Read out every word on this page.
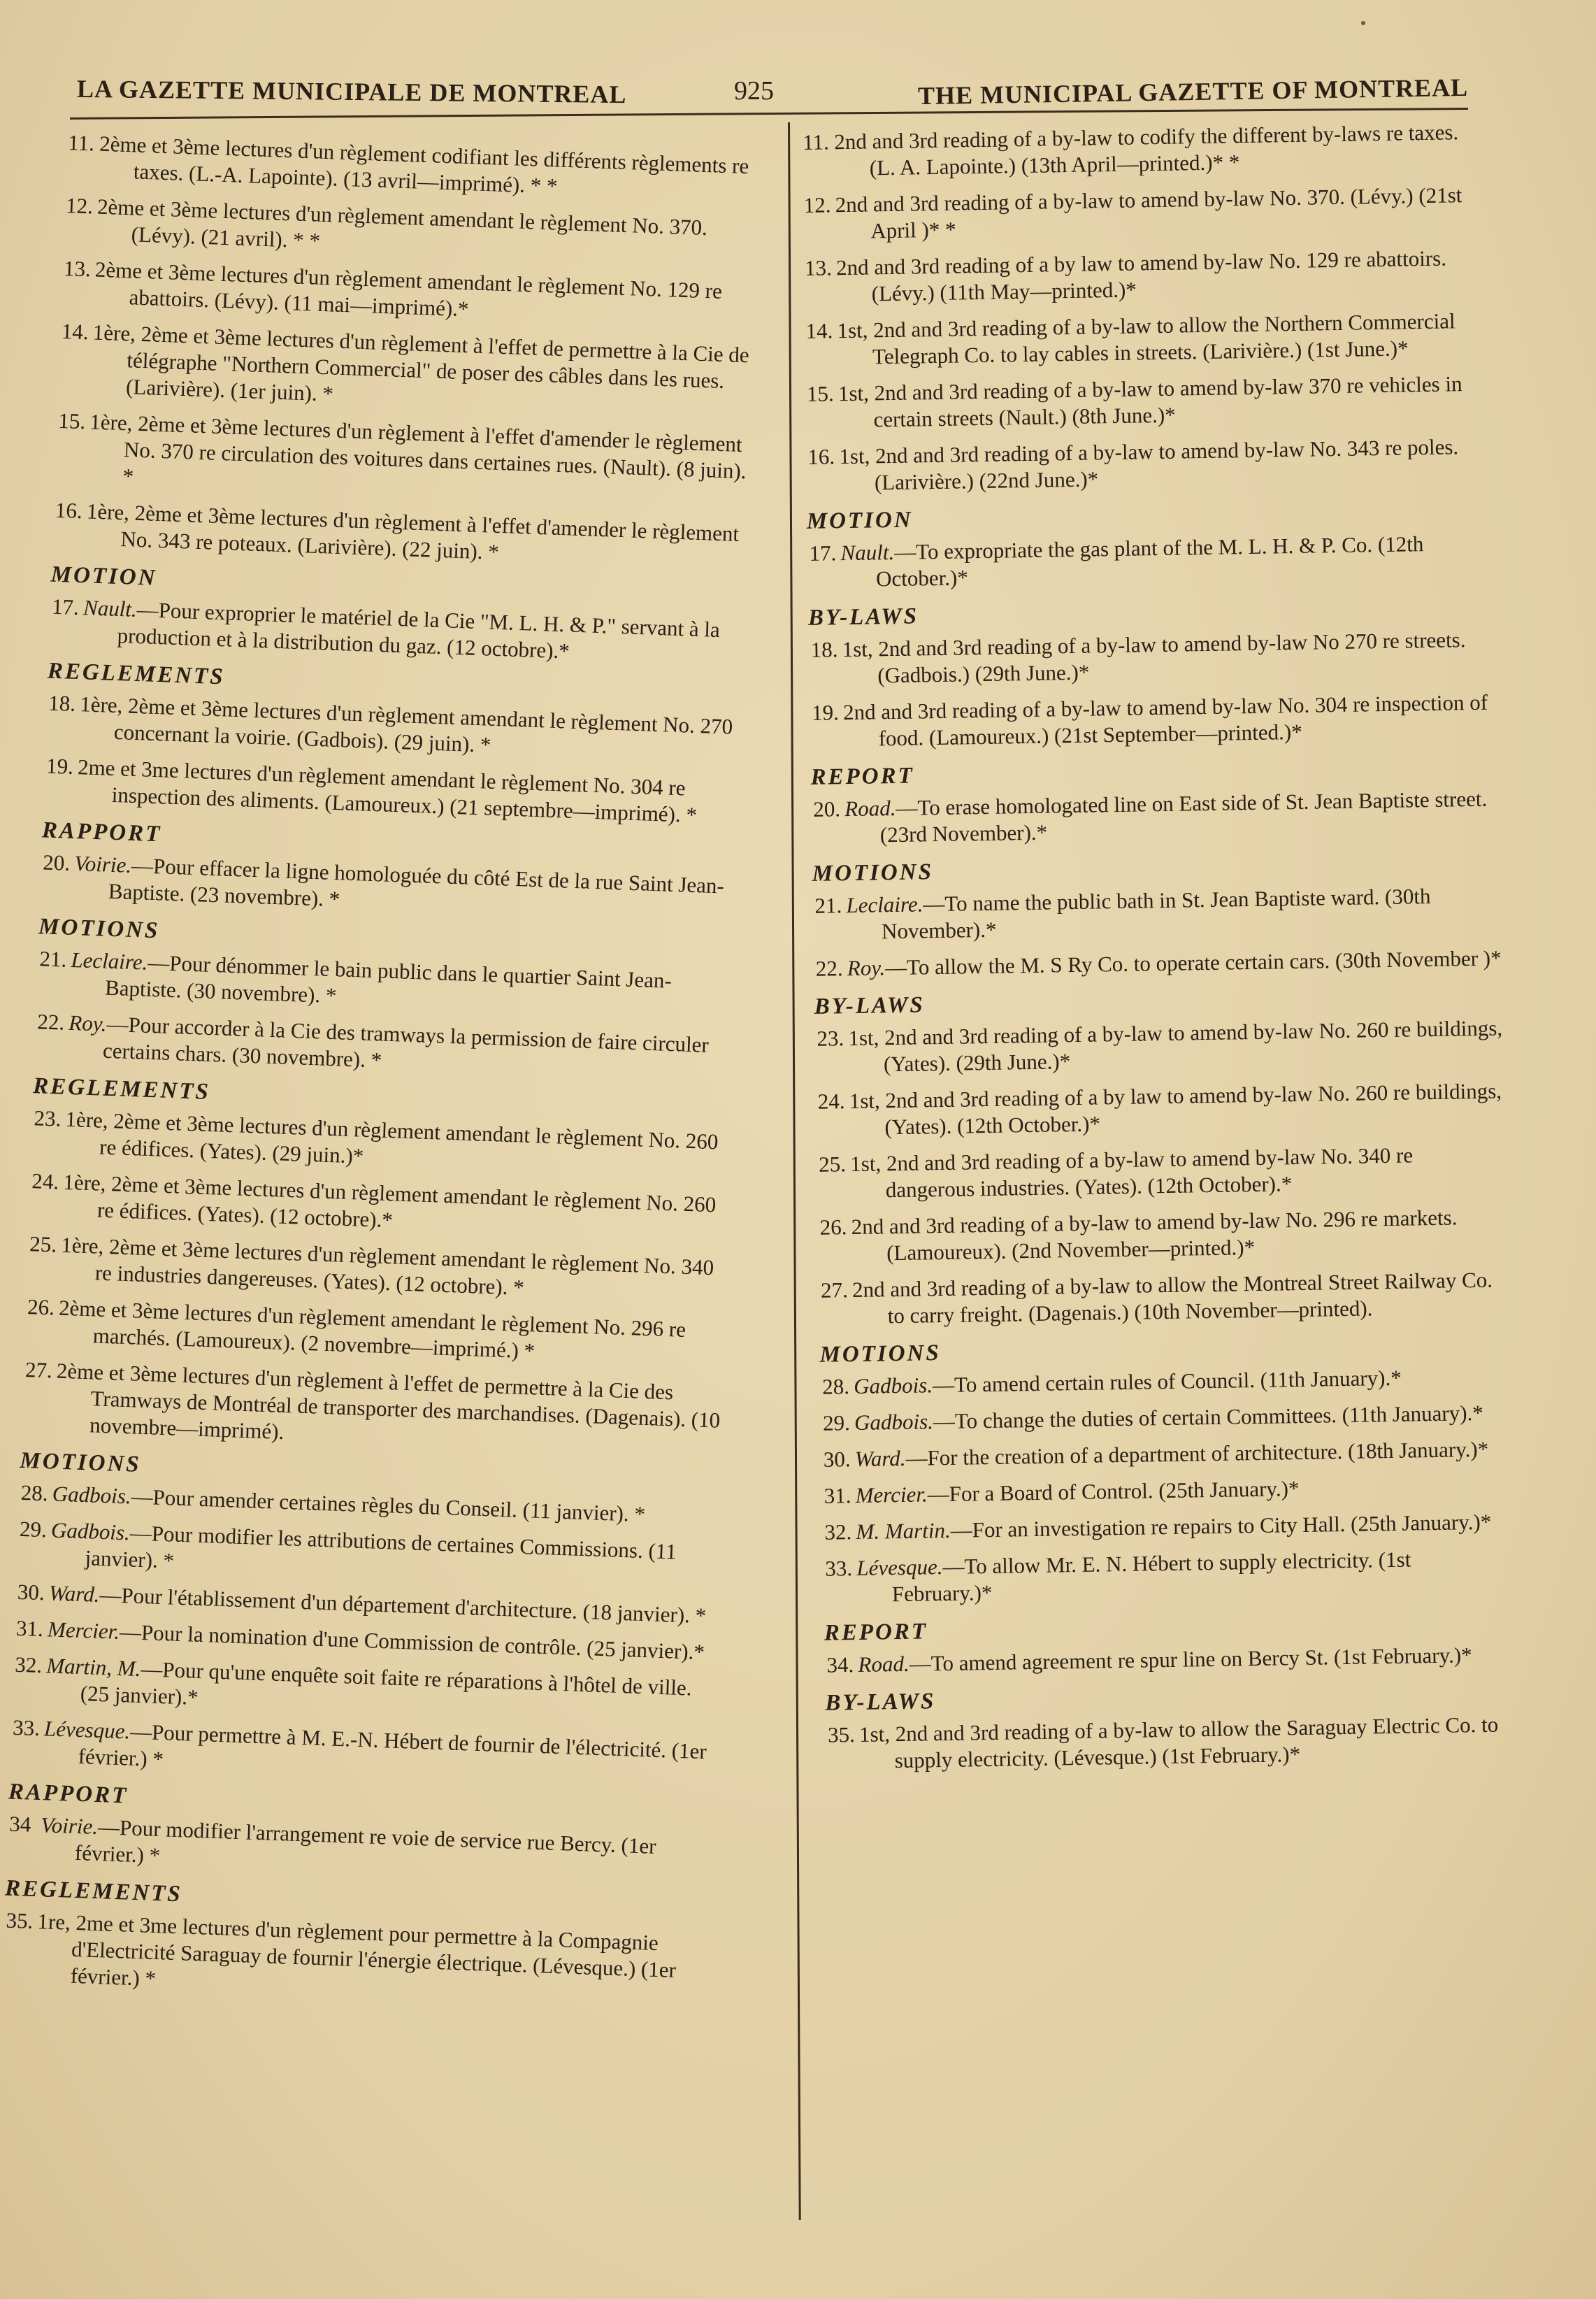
LA GAZETTE MUNICIPALE DE MONTREAL	925	THE MUNICIPAL GAZETTE OF MONTREAL
11. 2ème et 3ème lectures d'un règlement codifiant les différents règlements re taxes. (L.-A. Lapointe). (13 avril—imprimé). * *
12. 2ème et 3ème lectures d'un règlement amendant le règlement No. 370. (Lévy). (21 avril). * *
13. 2ème et 3ème lectures d'un règlement amendant le règlement No. 129 re abattoirs. (Lévy). (11 mai—imprimé).*
14. 1ère, 2ème et 3ème lectures d'un règlement à l'effet de permettre à la Cie de télégraphe "Northern Commercial" de poser des câbles dans les rues. (Larivière). (1er juin). *
15. 1ère, 2ème et 3ème lectures d'un règlement à l'effet d'amender le règlement No. 370 re circulation des voitures dans certaines rues. (Nault). (8 juin). *
16. 1ère, 2ème et 3ème lectures d'un règlement à l'effet d'amender le règlement No. 343 re poteaux. (Larivière). (22 juin). *
MOTION
17. Nault.—Pour exproprier le matériel de la Cie "M. L. H. & P." servant à la production et à la distribution du gaz. (12 octobre).*
REGLEMENTS
18. 1ère, 2ème et 3ème lectures d'un règlement amendant le règlement No. 270 concernant la voirie. (Gadbois). (29 juin). *
19. 2me et 3me lectures d'un règlement amendant le règlement No. 304 re inspection des aliments. (Lamoureux.) (21 septembre—imprimé). *
RAPPORT
20. Voirie.—Pour effacer la ligne homologuée du côté Est de la rue Saint Jean-Baptiste. (23 novembre). *
MOTIONS
21. Leclaire.—Pour dénommer le bain public dans le quartier Saint Jean-Baptiste. (30 novembre). *
22. Roy.—Pour accorder à la Cie des tramways la permission de faire circuler certains chars. (30 novembre). *
REGLEMENTS
23. 1ère, 2ème et 3ème lectures d'un règlement amendant le règlement No. 260 re édifices. (Yates). (29 juin.)*
24. 1ère, 2ème et 3ème lectures d'un règlement amendant le règlement No. 260 re édifices. (Yates). (12 octobre).*
25. 1ère, 2ème et 3ème lectures d'un règlement amendant le règlement No. 340 re industries dangereuses. (Yates). (12 octobre). *
26. 2ème et 3ème lectures d'un règlement amendant le règlement No. 296 re marchés. (Lamoureux). (2 novembre—imprimé.) *
27. 2ème et 3ème lectures d'un règlement à l'effet de permettre à la Cie des Tramways de Montréal de transporter des marchandises. (Dagenais). (10 novembre—imprimé).
MOTIONS
28. Gadbois.—Pour amender certaines règles du Conseil. (11 janvier). *
29. Gadbois.—Pour modifier les attributions de certaines Commissions. (11 janvier). *
30. Ward.—Pour l'établissement d'un département d'architecture. (18 janvier). *
31. Mercier.—Pour la nomination d'une Commission de contrôle. (25 janvier).*
32. Martin, M.—Pour qu'une enquête soit faite re réparations à l'hôtel de ville. (25 janvier).*
33. Lévesque.—Pour permettre à M. E.-N. Hébert de fournir de l'électricité. (1er février.) *
RAPPORT
34 Voirie.—Pour modifier l'arrangement re voie de service rue Bercy. (1er février.) *
REGLEMENTS
35. 1re, 2me et 3me lectures d'un règlement pour permettre à la Compagnie d'Electricité Saraguay de fournir l'énergie électrique. (Lévesque.) (1er février.) *
11. 2nd and 3rd reading of a by-law to codify the different by-laws re taxes. (L. A. Lapointe.) (13th April—printed.)* *
12. 2nd and 3rd reading of a by-law to amend by-law No. 370. (Lévy.) (21st April )* *
13. 2nd and 3rd reading of a by law to amend by-law No. 129 re abattoirs. (Lévy.) (11th May—printed.)*
14. 1st, 2nd and 3rd reading of a by-law to allow the Northern Commercial Telegraph Co. to lay cables in streets. (Larivière.) (1st June.)*
15. 1st, 2nd and 3rd reading of a by-law to amend by-law 370 re vehicles in certain streets (Nault.) (8th June.)*
16. 1st, 2nd and 3rd reading of a by-law to amend by-law No. 343 re poles. (Larivière.) (22nd June.)*
MOTION
17. Nault.—To expropriate the gas plant of the M. L. H. & P. Co. (12th October.)*
BY-LAWS
18. 1st, 2nd and 3rd reading of a by-law to amend by-law No 270 re streets. (Gadbois.) (29th June.)*
19. 2nd and 3rd reading of a by-law to amend by-law No. 304 re inspection of food. (Lamoureux.) (21st September—printed.)*
REPORT
20. Road.—To erase homologated line on East side of St. Jean Baptiste street. (23rd November).*
MOTIONS
21. Leclaire.—To name the public bath in St. Jean Baptiste ward. (30th November).*
22. Roy.—To allow the M. S Ry Co. to operate certain cars. (30th November )*
BY-LAWS
23. 1st, 2nd and 3rd reading of a by-law to amend by-law No. 260 re buildings, (Yates). (29th June.)*
24. 1st, 2nd and 3rd reading of a by law to amend by-law No. 260 re buildings, (Yates). (12th October.)*
25. 1st, 2nd and 3rd reading of a by-law to amend by-law No. 340 re dangerous industries. (Yates). (12th October).*
26. 2nd and 3rd reading of a by-law to amend by-law No. 296 re markets. (Lamoureux). (2nd November—printed.)*
27. 2nd and 3rd reading of a by-law to allow the Montreal Street Railway Co. to carry freight. (Dagenais.) (10th November—printed).
MOTIONS
28. Gadbois.—To amend certain rules of Council. (11th January).*
29. Gadbois.—To change the duties of certain Committees. (11th January).*
30. Ward.—For the creation of a department of architecture. (18th January.)*
31. Mercier.—For a Board of Control. (25th January.)*
32. M. Martin.—For an investigation re repairs to City Hall. (25th January.)*
33. Lévesque.—To allow Mr. E. N. Hébert to supply electricity. (1st February.)*
REPORT
34. Road.—To amend agreement re spur line on Bercy St. (1st February.)*
BY-LAWS
35. 1st, 2nd and 3rd reading of a by-law to allow the Saraguay Electric Co. to supply electricity. (Lévesque.) (1st February.)*
